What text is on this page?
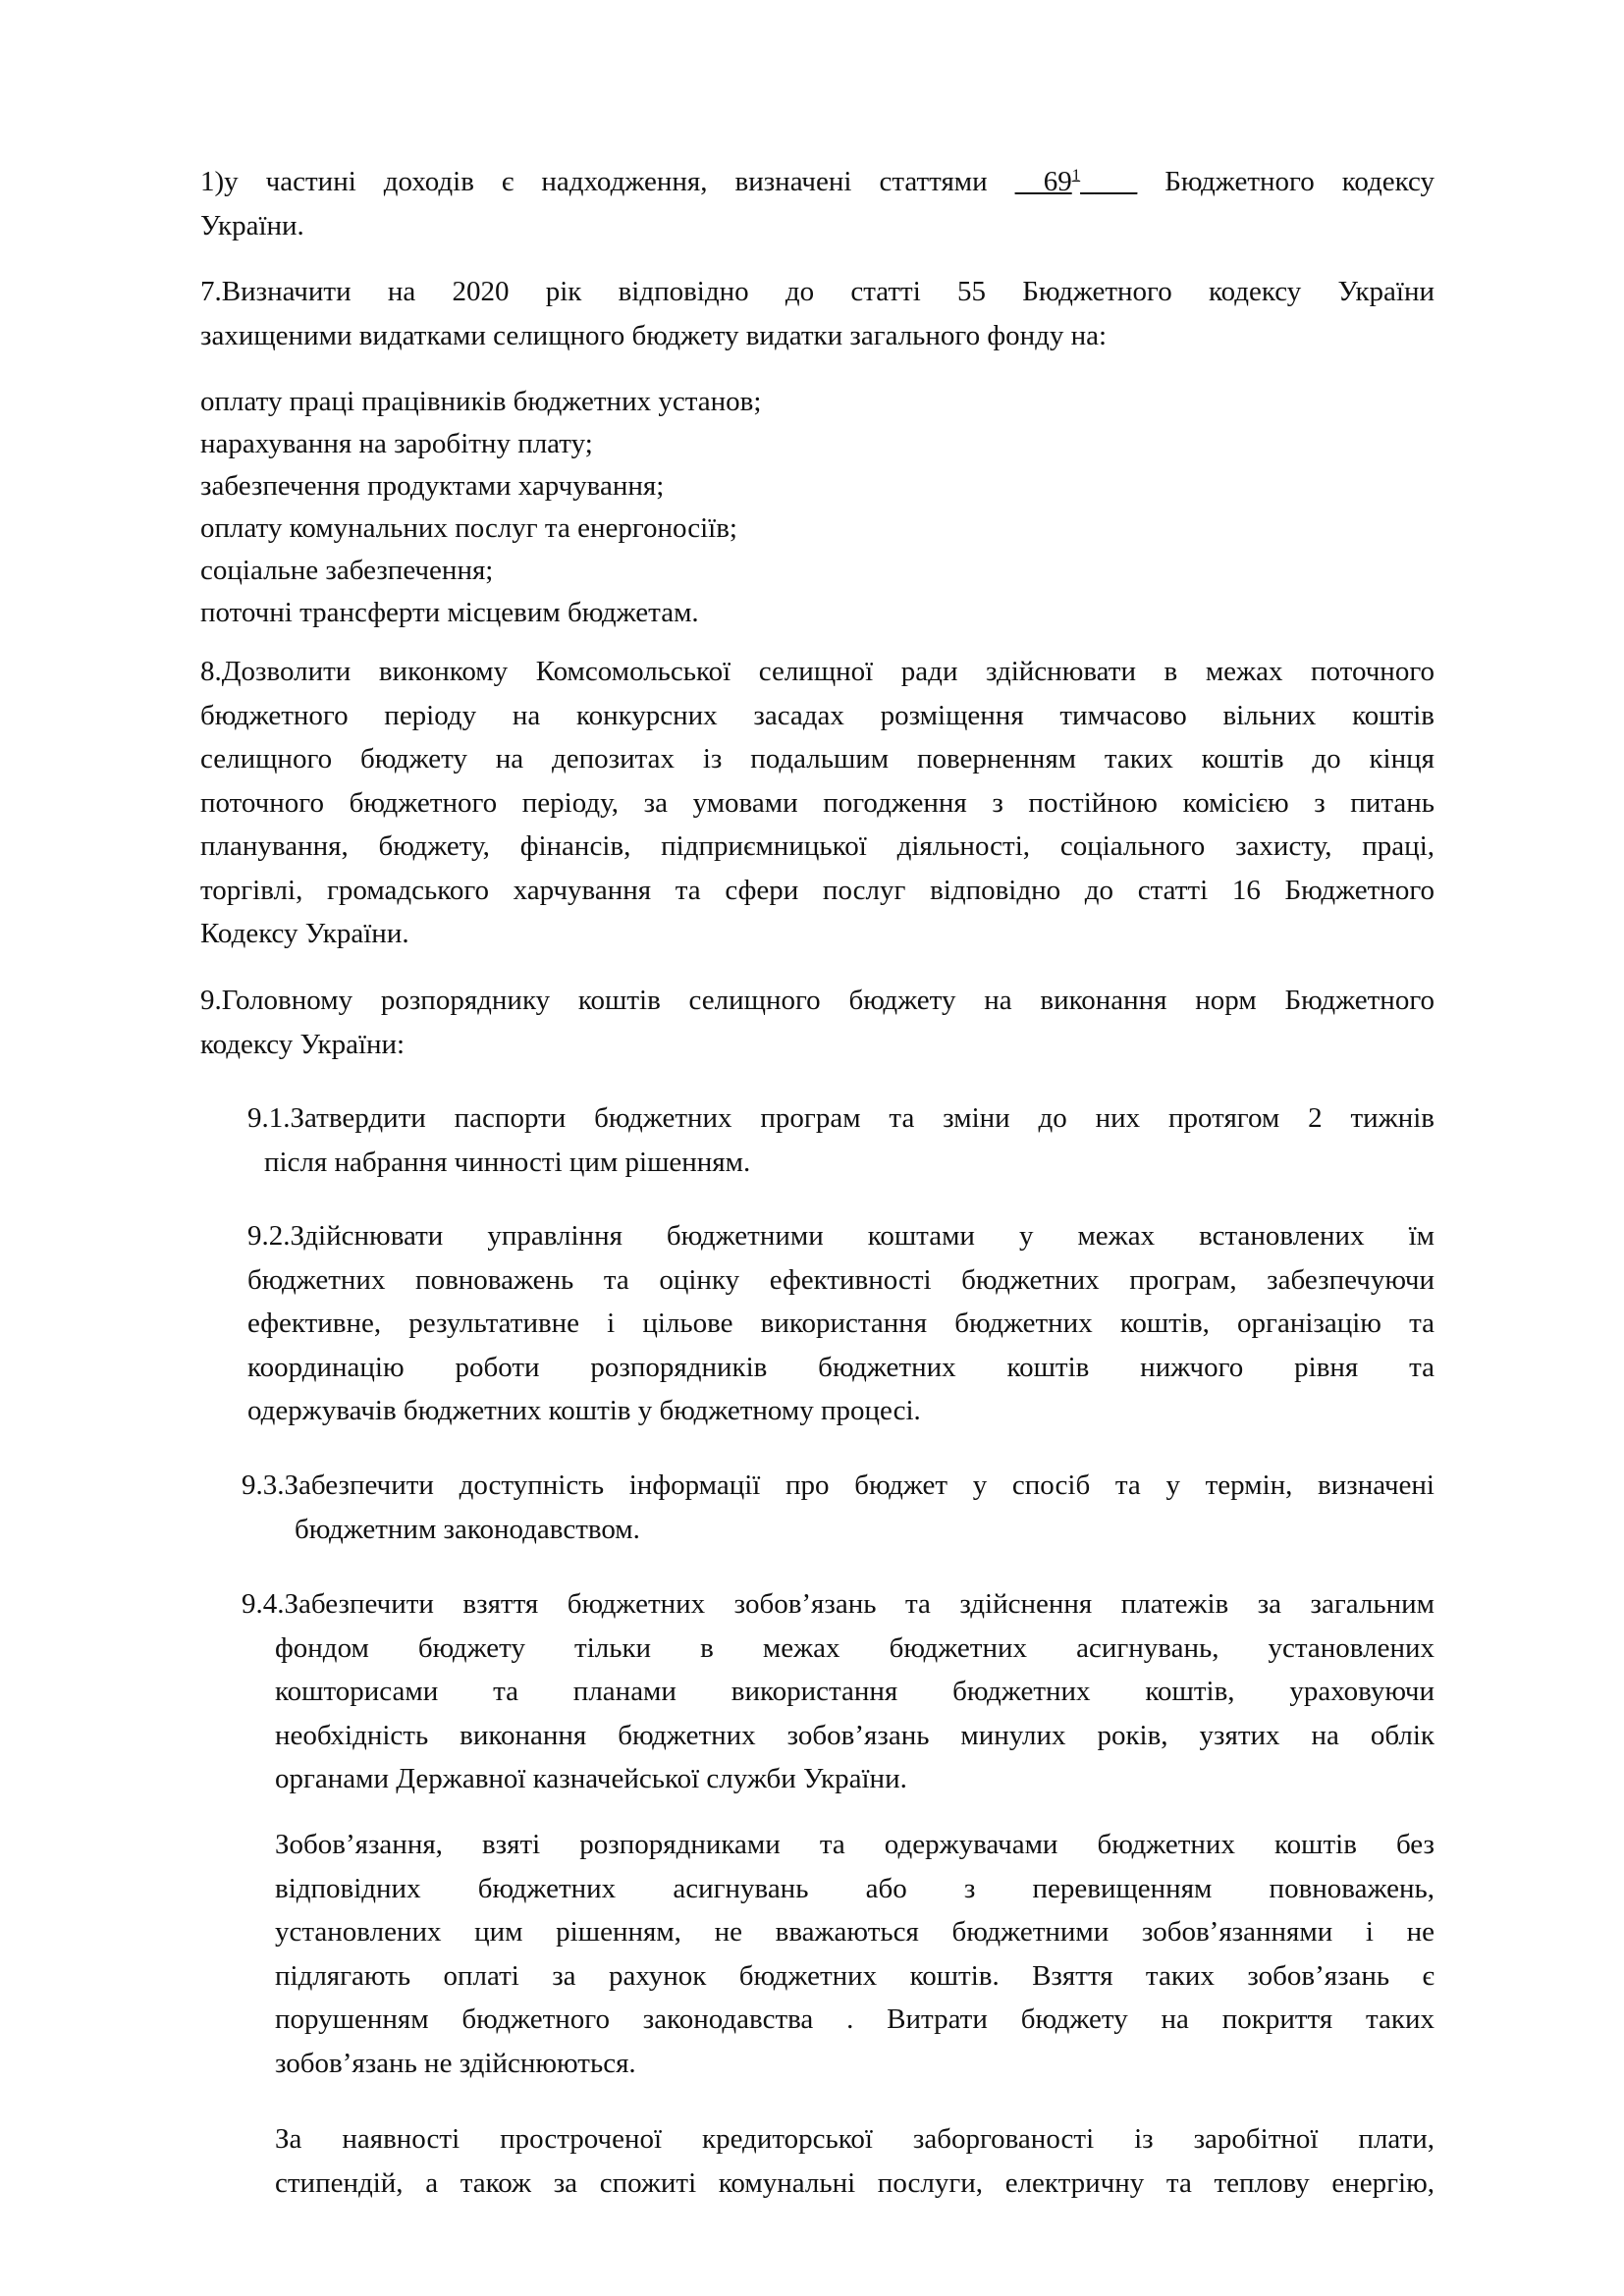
1)у частині доходів є надходження, визначені статтями $\_\_69^1\_\_\_\_$ Бюджетного кодексу
України.
7.Визначити на 2020 рік відповідно до статті 55 Бюджетного кодексу України
захищеними видатками селищного бюджету видатки загального фонду на:
оплату праці працівників бюджетних установ;
нарахування на заробітну плату;
забезпечення продуктами харчування;
оплату комунальних послуг та енергоносіїв;
соціальне забезпечення;
поточні трансферти місцевим бюджетам.
8.Дозволити виконкому Комсомольської селищної ради здійснювати в межах поточного
бюджетного періоду на конкурсних засадах розміщення тимчасово вільних коштів
селищного бюджету на депозитах із подальшим поверненням таких коштів до кінця
поточного бюджетного періоду, за умовами погодження з постійною комісією з питань
планування, бюджету, фінансів, підприємницької діяльності, соціального захисту, праці,
торгівлі, громадського харчування та сфери послуг відповідно до статті 16 Бюджетного
Кодексу України.
9.Головному розпоряднику коштів селищного бюджету на виконання норм Бюджетного
кодексу України:
9.1.Затвердити паспорти бюджетних програм та зміни до них протягом 2 тижнів
після набрання чинності цим рішенням.
9.2.Здійснювати управління бюджетними коштами у межах встановлених їм
бюджетних повноважень та оцінку ефективності бюджетних програм, забезпечуючи
ефективне, результативне і цільове використання бюджетних коштів, організацію та
координацію роботи розпорядників бюджетних коштів нижчого рівня та
одержувачів бюджетних коштів у бюджетному процесі.
9.3.Забезпечити доступність інформації про бюджет у спосіб та у термін, визначені
бюджетним законодавством.
9.4.Забезпечити взяття бюджетних зобов’язань та здійснення платежів за загальним
фондом бюджету тільки в межах бюджетних асигнувань, установлених
кошторисами та планами використання бюджетних коштів, ураховуючи
необхідність виконання бюджетних зобов’язань минулих років, узятих на облік
органами Державної казначейської служби України.
Зобов’язання, взяті розпорядниками та одержувачами бюджетних коштів без
відповідних бюджетних асигнувань або з перевищенням повноважень,
установлених цим рішенням, не вважаються бюджетними зобов’язаннями і не
підлягають оплаті за рахунок бюджетних коштів. Взяття таких зобов’язань є
порушенням бюджетного законодавства . Витрати бюджету на покриття таких
зобов’язань не здійснюються.
За наявності простроченої кредиторської заборгованості із заробітної плати,
стипендій, а також за спожиті комунальні послуги, електричну та теплову енергію,
